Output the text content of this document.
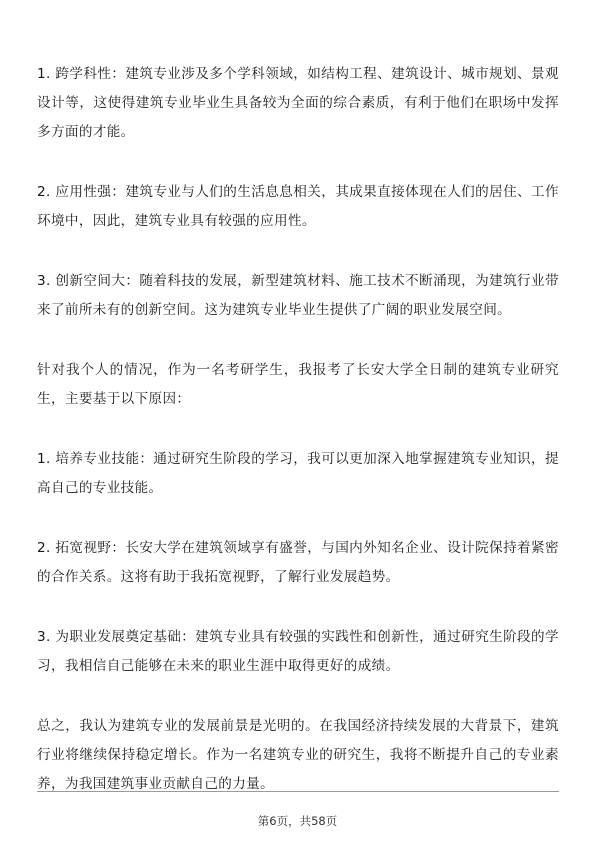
1. 跨学科性：建筑专业涉及多个学科领域，如结构工程、建筑设计、城市规划、景观设计等，这使得建筑专业毕业生具备较为全面的综合素质，有利于他们在职场中发挥多方面的才能。

2. 应用性强：建筑专业与人们的生活息息相关，其成果直接体现在人们的居住、工作环境中，因此，建筑专业具有较强的应用性。

3. 创新空间大：随着科技的发展，新型建筑材料、施工技术不断涌现，为建筑行业带来了前所未有的创新空间。这为建筑专业毕业生提供了广阔的职业发展空间。

针对我个人的情况，作为一名考研学生，我报考了长安大学全日制的建筑专业研究生，主要基于以下原因：

1. 培养专业技能：通过研究生阶段的学习，我可以更加深入地掌握建筑专业知识，提高自己的专业技能。

2. 拓宽视野：长安大学在建筑领域享有盛誉，与国内外知名企业、设计院保持着紧密的合作关系。这将有助于我拓宽视野，了解行业发展趋势。

3. 为职业发展奠定基础：建筑专业具有较强的实践性和创新性，通过研究生阶段的学习，我相信自己能够在未来的职业生涯中取得更好的成绩。

总之，我认为建筑专业的发展前景是光明的。在我国经济持续发展的大背景下，建筑行业将继续保持稳定增长。作为一名建筑专业的研究生，我将不断提升自己的专业素养，为我国建筑事业贡献自己的力量。

第6页，共58页
